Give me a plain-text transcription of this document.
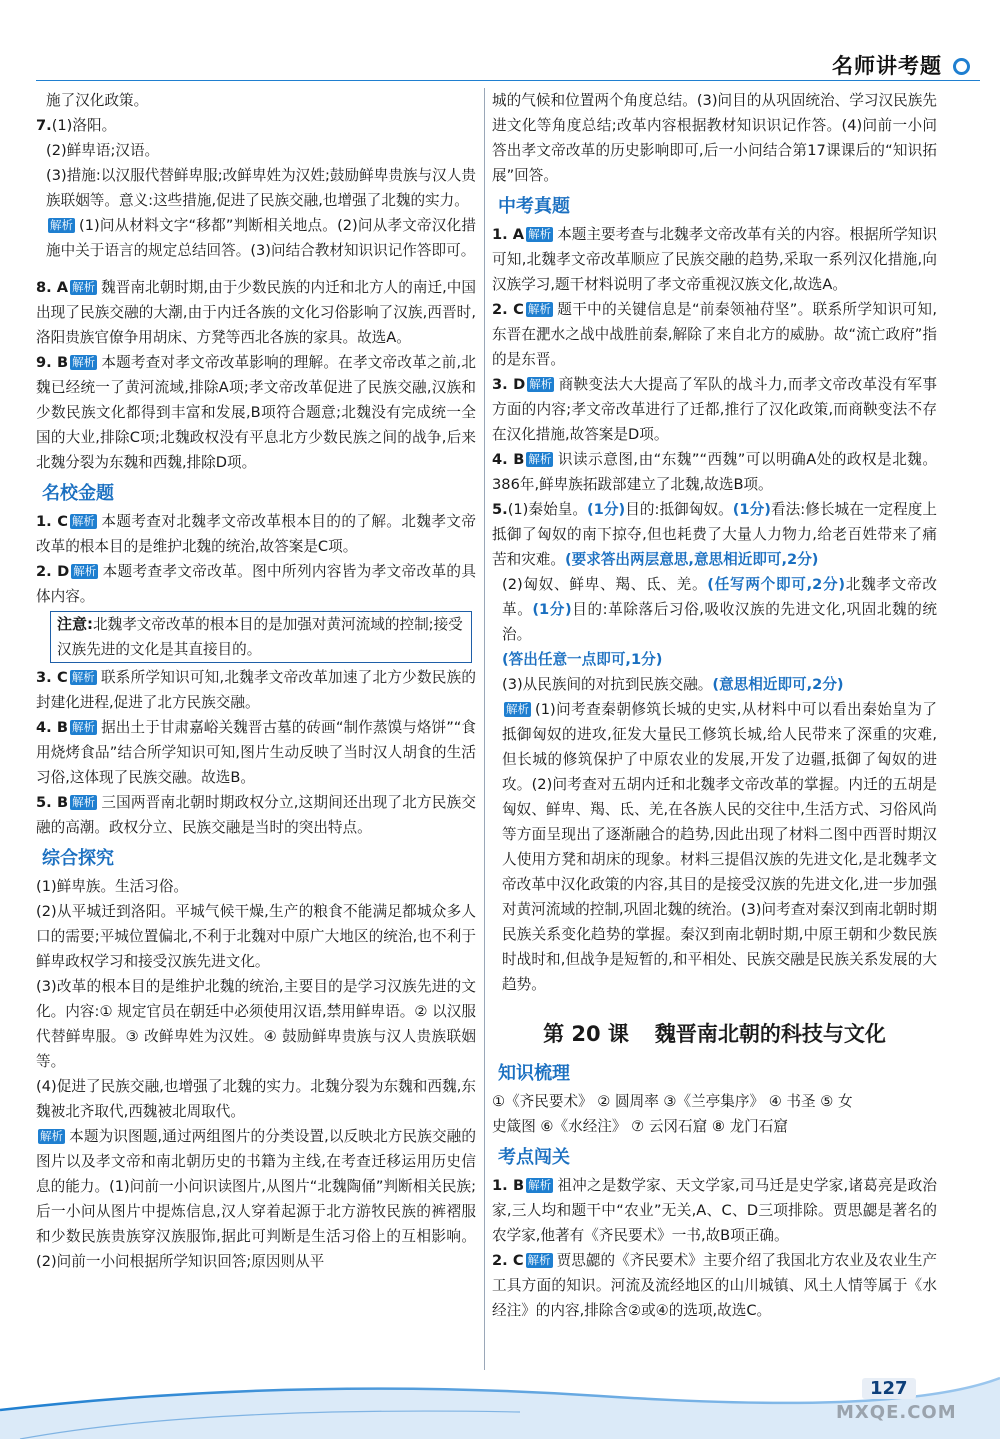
名师讲考题

施了汉化政策。

7.(1)洛阳。

(2)鲜卑语;汉语。

(3)措施:以汉服代替鲜卑服;改鲜卑姓为汉姓;鼓励鲜卑贵族与汉人贵族联姻等。意义:这些措施,促进了民族交融,也增强了北魏的实力。

解析 (1)问从材料文字“移都”判断相关地点。(2)问从孝文帝汉化措施中关于语言的规定总结回答。(3)问结合教材知识识记作答即可。

8. A 解析 魏晋南北朝时期,由于少数民族的内迁和北方人的南迁,中国出现了民族交融的大潮,由于内迁各族的文化习俗影响了汉族,西晋时,洛阳贵族官僚争用胡床、方凳等西北各族的家具。故选A。

9. B 解析 本题考查对孝文帝改革影响的理解。在孝文帝改革之前,北魏已经统一了黄河流域,排除A项;孝文帝改革促进了民族交融,汉族和少数民族文化都得到丰富和发展,B项符合题意;北魏没有完成统一全国的大业,排除C项;北魏政权没有平息北方少数民族之间的战争,后来北魏分裂为东魏和西魏,排除D项。

名校金题

1. C 解析 本题考查对北魏孝文帝改革根本目的的了解。北魏孝文帝改革的根本目的是维护北魏的统治,故答案是C项。

2. D 解析 本题考查孝文帝改革。图中所列内容皆为孝文帝改革的具体内容。

注意:北魏孝文帝改革的根本目的是加强对黄河流域的控制;接受汉族先进的文化是其直接目的。

3. C 解析 联系所学知识可知,北魏孝文帝改革加速了北方少数民族的封建化进程,促进了北方民族交融。

4. B 解析 据出土于甘肃嘉峪关魏晋古墓的砖画“制作蒸馍与烙饼”“食用烧烤食品”结合所学知识可知,图片生动反映了当时汉人胡食的生活习俗,这体现了民族交融。故选B。

5. B 解析 三国两晋南北朝时期政权分立,这期间还出现了北方民族交融的高潮。政权分立、民族交融是当时的突出特点。

综合探究

(1)鲜卑族。生活习俗。

(2)从平城迁到洛阳。平城气候干燥,生产的粮食不能满足都城众多人口的需要;平城位置偏北,不利于北魏对中原广大地区的统治,也不利于鲜卑政权学习和接受汉族先进文化。

(3)改革的根本目的是维护北魏的统治,主要目的是学习汉族先进的文化。内容:① 规定官员在朝廷中必须使用汉语,禁用鲜卑语。② 以汉服代替鲜卑服。③ 改鲜卑姓为汉姓。④ 鼓励鲜卑贵族与汉人贵族联姻等。

(4)促进了民族交融,也增强了北魏的实力。北魏分裂为东魏和西魏,东魏被北齐取代,西魏被北周取代。

解析 本题为识图题,通过两组图片的分类设置,以反映北方民族交融的图片以及孝文帝和南北朝历史的书籍为主线,在考查迁移运用历史信息的能力。(1)问前一小问识读图片,从图片“北魏陶俑”判断相关民族;后一小问从图片中提炼信息,汉人穿着起源于北方游牧民族的裤褶服和少数民族贵族穿汉族服饰,据此可判断是生活习俗上的互相影响。(2)问前一小问根据所学知识回答;原因则从平

城的气候和位置两个角度总结。(3)问目的从巩固统治、学习汉民族先进文化等角度总结;改革内容根据教材知识识记作答。(4)问前一小问答出孝文帝改革的历史影响即可,后一小问结合第17课课后的“知识拓展”回答。

中考真题

1. A 解析 本题主要考查与北魏孝文帝改革有关的内容。根据所学知识可知,北魏孝文帝改革顺应了民族交融的趋势,采取一系列汉化措施,向汉族学习,题干材料说明了孝文帝重视汉族文化,故选A。

2. C 解析 题干中的关键信息是“前秦领袖苻坚”。联系所学知识可知,东晋在淝水之战中战胜前秦,解除了来自北方的威胁。故“流亡政府”指的是东晋。

3. D 解析 商鞅变法大大提高了军队的战斗力,而孝文帝改革没有军事方面的内容;孝文帝改革进行了迁都,推行了汉化政策,而商鞅变法不存在汉化措施,故答案是D项。

4. B 解析 识读示意图,由“东魏”“西魏”可以明确A处的政权是北魏。386年,鲜卑族拓跋部建立了北魏,故选B项。

5.(1)秦始皇。(1分)目的:抵御匈奴。(1分)看法:修长城在一定程度上抵御了匈奴的南下掠夺,但也耗费了大量人力物力,给老百姓带来了痛苦和灾难。(要求答出两层意思,意思相近即可,2分)

(2)匈奴、鲜卑、羯、氐、羌。(任写两个即可,2分)北魏孝文帝改革。(1分)目的:革除落后习俗,吸收汉族的先进文化,巩固北魏的统治。

(答出任意一点即可,1分)

(3)从民族间的对抗到民族交融。(意思相近即可,2分)

解析 (1)问考查秦朝修筑长城的史实,从材料中可以看出秦始皇为了抵御匈奴的进攻,征发大量民工修筑长城,给人民带来了深重的灾难,但长城的修筑保护了中原农业的发展,开发了边疆,抵御了匈奴的进攻。(2)问考查对五胡内迁和北魏孝文帝改革的掌握。内迁的五胡是匈奴、鲜卑、羯、氐、羌,在各族人民的交往中,生活方式、习俗风尚等方面呈现出了逐渐融合的趋势,因此出现了材料二图中西晋时期汉人使用方凳和胡床的现象。材料三提倡汉族的先进文化,是北魏孝文帝改革中汉化政策的内容,其目的是接受汉族的先进文化,进一步加强对黄河流域的控制,巩固北魏的统治。(3)问考查对秦汉到南北朝时期民族关系变化趋势的掌握。秦汉到南北朝时期,中原王朝和少数民族时战时和,但战争是短暂的,和平相处、民族交融是民族关系发展的大趋势。

第 20 课 魏晋南北朝的科技与文化
知识梳理

①《齐民要术》 ② 圆周率 ③《兰亭集序》 ④ 书圣 ⑤ 女

史箴图 ⑥《水经注》 ⑦ 云冈石窟 ⑧ 龙门石窟

考点闯关

1. B 解析 祖冲之是数学家、天文学家,司马迁是史学家,诸葛亮是政治家,三人均和题干中“农业”无关,A、C、D三项排除。贾思勰是著名的农学家,他著有《齐民要术》一书,故B项正确。

2. C 解析 贾思勰的《齐民要术》主要介绍了我国北方农业及农业生产工具方面的知识。河流及流经地区的山川城镇、风土人情等属于《水经注》的内容,排除含②或④的选项,故选C。

127
MXQE.COM
